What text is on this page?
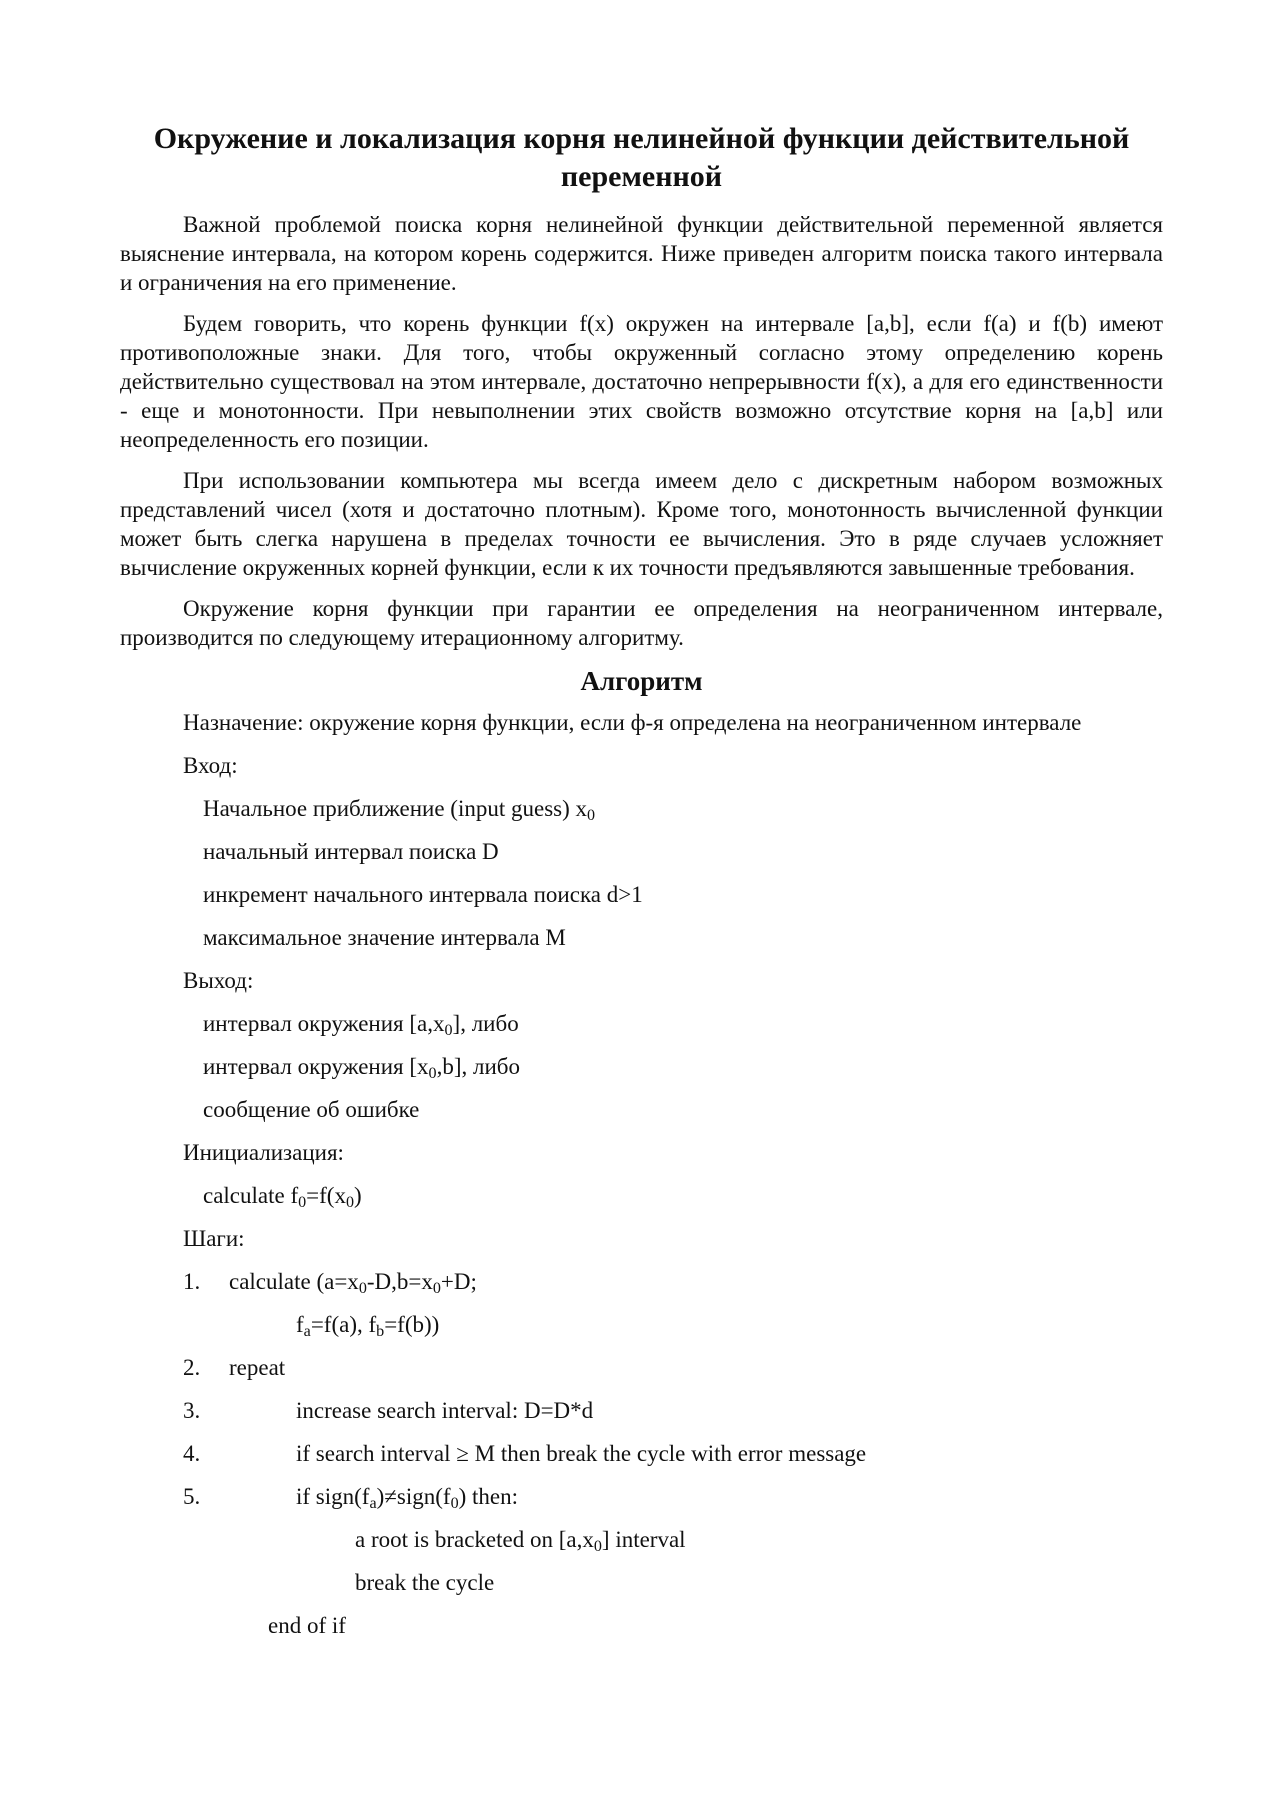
Окружение и локализация корня нелинейной функции действительной переменной

Важной проблемой поиска корня нелинейной функции действительной переменной является выяснение интервала, на котором корень содержится. Ниже приведен алгоритм поиска такого интервала и ограничения на его применение.

Будем говорить, что корень функции f(x) окружен на интервале [a,b], если f(a) и f(b) имеют противоположные знаки. Для того, чтобы окруженный согласно этому определению корень действительно существовал на этом интервале, достаточно непрерывности f(x), а для его единственности - еще и монотонности. При невыполнении этих свойств возможно отсутствие корня на [a,b] или неопределенность его позиции.

При использовании компьютера мы всегда имеем дело с дискретным набором возможных представлений чисел (хотя и достаточно плотным). Кроме того, монотонность вычисленной функции может быть слегка нарушена в пределах точности ее вычисления. Это в ряде случаев усложняет вычисление окруженных корней функции, если к их точности предъявляются завышенные требования.

Окружение корня функции при гарантии ее определения на неограниченном интервале, производится по следующему итерационному алгоритму.

Алгоритм

Назначение: окружение корня функции, если ф-я определена на неограниченном интервале

Вход:
Начальное приближение (input guess) $x_0$
начальный интервал поиска D
инкремент начального интервала поиска d>1
максимальное значение интервала M
Выход:
интервал окружения $[a,x_0]$, либо
интервал окружения $[x_0,b]$, либо
сообщение об ошибке
Инициализация:
calculate $f_0=f(x_0)$
Шаги:
1. calculate ($a=x_0-D,b=x_0+D$;
$f_a=f(a)$, $f_b=f(b)$)
2. repeat
3.	increase search interval: D=D*d
4.	if search interval ≥ M then break the cycle with error message
5.	if $sign(f_a)\ne sign(f_0)$ then:
a root is bracketed on $[a,x_0]$ interval
break the cycle
end of if
